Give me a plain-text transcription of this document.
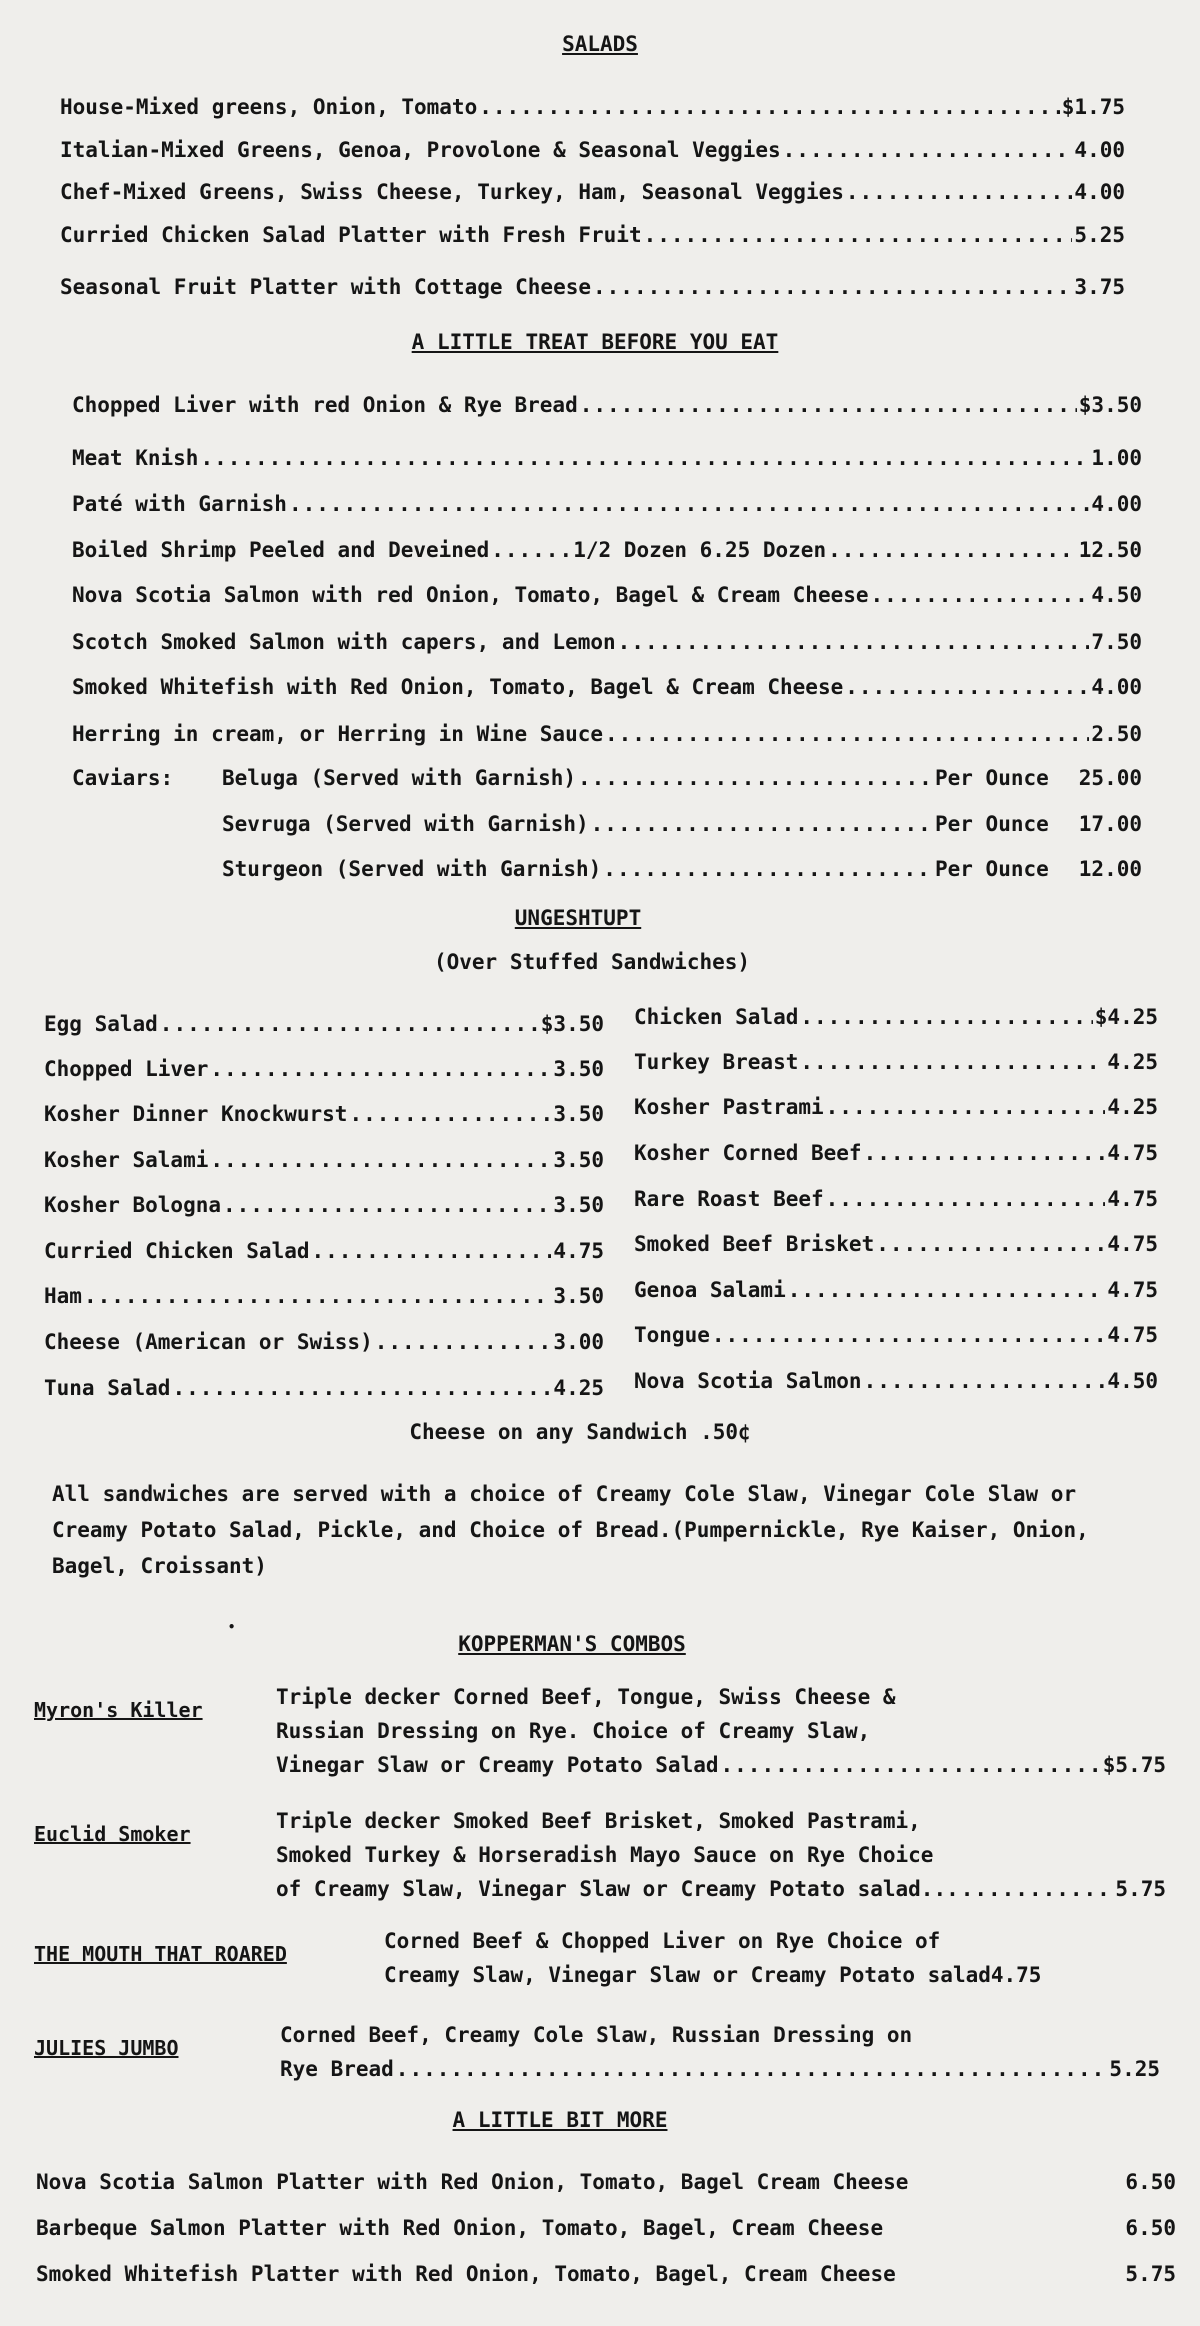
SALADS
House-Mixed greens, Onion, Tomato .....	$1.75
Italian-Mixed Greens, Genoa, Provolone & Seasonal Veggies .....	4.00
Chef-Mixed Greens, Swiss Cheese, Turkey, Ham, Seasonal Veggies .....	4.00
Curried Chicken Salad Platter with Fresh Fruit .....	5.25
Seasonal Fruit Platter with Cottage Cheese .....	3.75
A LITTLE TREAT BEFORE YOU EAT
Chopped Liver with red Onion & Rye Bread .....	$3.50
Meat Knish .....	1.00
Paté with Garnish .....	4.00
Boiled Shrimp Peeled and Deveined .....	1/2 Dozen 6.25 Dozen .....	12.50
Nova Scotia Salmon with red Onion, Tomato, Bagel & Cream Cheese .....	4.50
Scotch Smoked Salmon with capers, and Lemon .....	7.50
Smoked Whitefish with Red Onion, Tomato, Bagel & Cream Cheese .....	4.00
Herring in cream, or Herring in Wine Sauce .....	2.50
Caviars: Beluga (Served with Garnish) .....	Per Ounce 25.00
Sevruga (Served with Garnish) .....	Per Ounce 17.00
Sturgeon (Served with Garnish) .....	Per Ounce 12.00
UNGESHTUPT
(Over Stuffed Sandwiches)
Egg Salad .....	$3.50
Chopped Liver .....	3.50
Kosher Dinner Knockwurst .....	3.50
Kosher Salami .....	3.50
Kosher Bologna .....	3.50
Curried Chicken Salad .....	4.75
Ham .....	3.50
Cheese (American or Swiss) .....	3.00
Tuna Salad .....	4.25
Chicken Salad .....	$4.25
Turkey Breast .....	4.25
Kosher Pastrami .....	4.25
Kosher Corned Beef .....	4.75
Rare Roast Beef .....	4.75
Smoked Beef Brisket .....	4.75
Genoa Salami .....	4.75
Tongue .....	4.75
Nova Scotia Salmon .....	4.50
Cheese on any Sandwich .50¢
All sandwiches are served with a choice of Creamy Cole Slaw, Vinegar Cole Slaw or Creamy Potato Salad, Pickle, and Choice of Bread.(Pumpernickle, Rye Kaiser, Onion, Bagel, Croissant)
•
KOPPERMAN'S COMBOS
Myron's Killer
Triple decker Corned Beef, Tongue, Swiss Cheese &
Russian Dressing on Rye. Choice of Creamy Slaw,
Vinegar Slaw or Creamy Potato Salad .....	$5.75
Euclid Smoker
Triple decker Smoked Beef Brisket, Smoked Pastrami,
Smoked Turkey & Horseradish Mayo Sauce on Rye Choice
of Creamy Slaw, Vinegar Slaw or Creamy Potato salad... .....	5.75
THE MOUTH THAT ROARED
Corned Beef & Chopped Liver on Rye Choice of
Creamy Slaw, Vinegar Slaw or Creamy Potato salad 4.75
JULIES JUMBO
Corned Beef, Creamy Cole Slaw, Russian Dressing on
Rye Bread .....	5.25
A LITTLE BIT MORE
Nova Scotia Salmon Platter with Red Onion, Tomato, Bagel Cream Cheese	6.50
Barbeque Salmon Platter with Red Onion, Tomato, Bagel, Cream Cheese	6.50
Smoked Whitefish Platter with Red Onion, Tomato, Bagel, Cream Cheese	5.75
